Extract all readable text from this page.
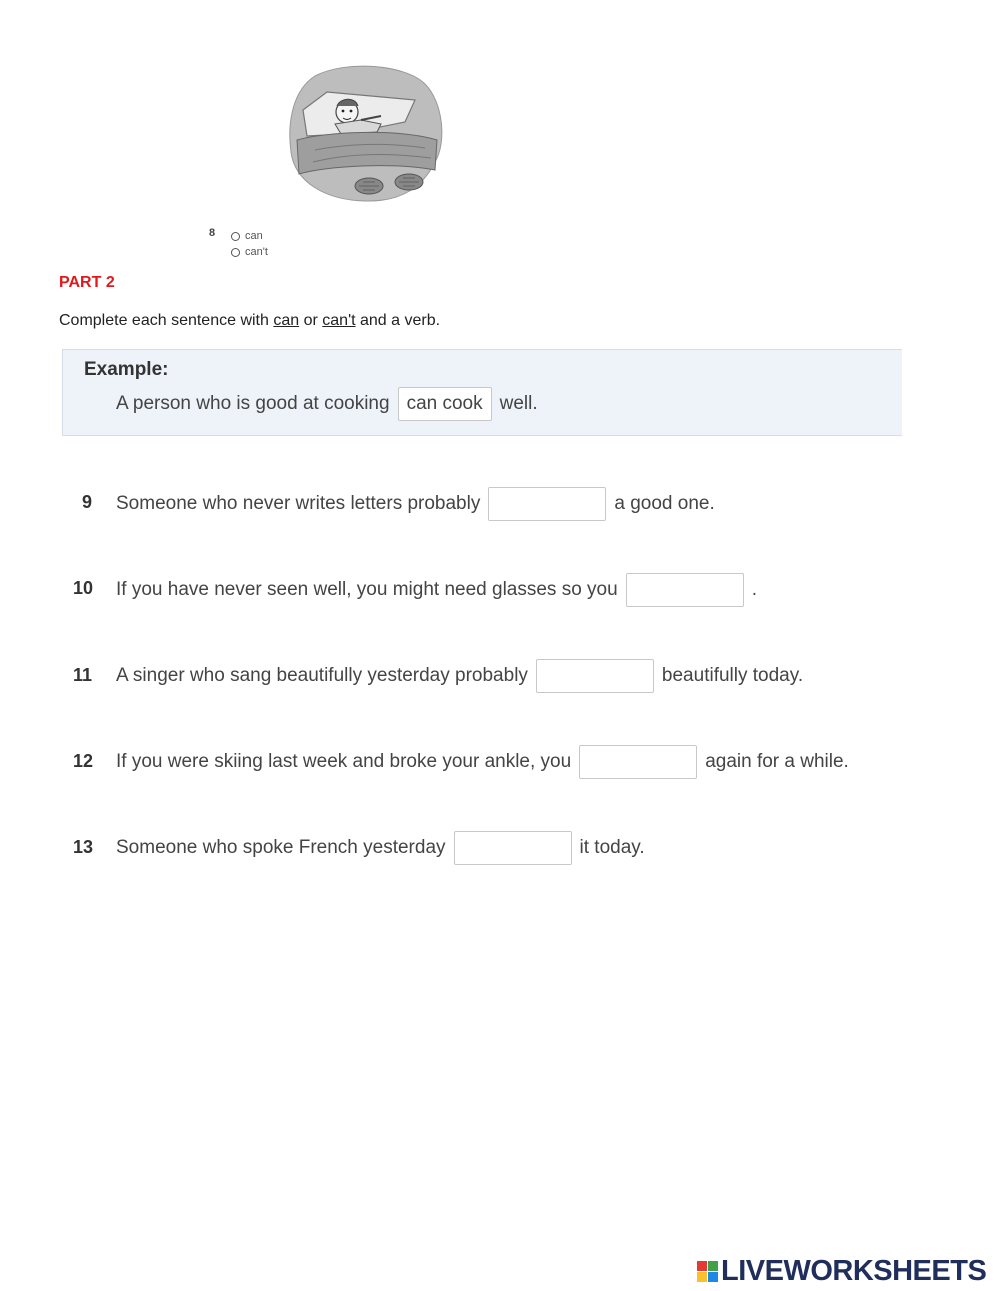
8	can
can't
PART 2
Complete each sentence with can or can't and a verb.
Example:
A person who is good at cooking can cook well.
9 Someone who never writes letters probably	a good one.
10 If you have never seen well, you might need glasses so you	.
11 A singer who sang beautifully yesterday probably	beautifully today.
12 If you were skiing last week and broke your ankle, you	again for a while.
13 Someone who spoke French yesterday	it today.
LIVEWORKSHEETS
